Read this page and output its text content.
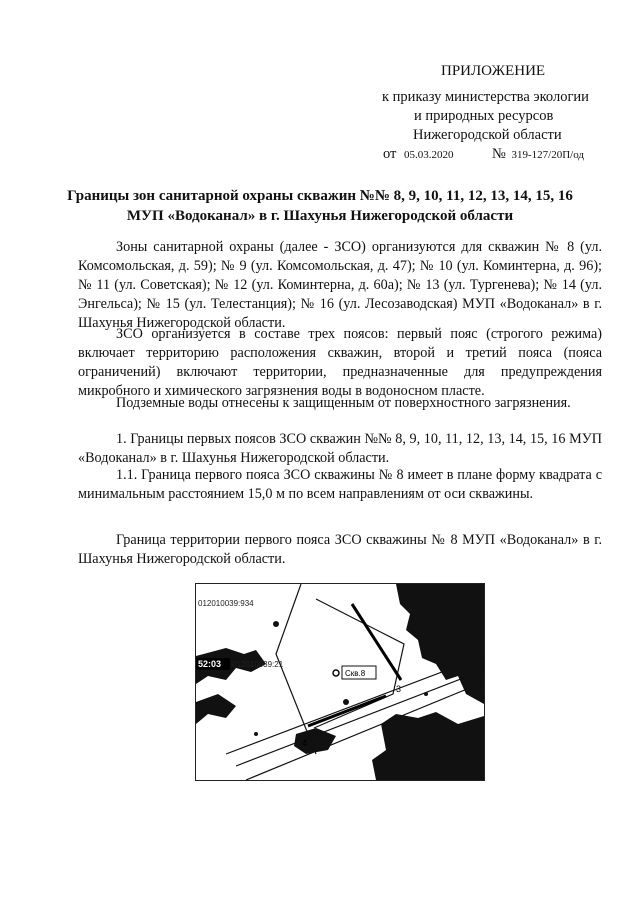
ПРИЛОЖЕНИЕ
к приказу министерства экологии
и природных ресурсов
Нижегородской области
от 05.03.2020	№ 319-127/20П/од
Границы зон санитарной охраны скважин №№ 8, 9, 10, 11, 12, 13, 14, 15, 16
МУП «Водоканал» в г. Шахунья Нижегородской области
Зоны санитарной охраны (далее - ЗСО) организуются для скважин № 8 (ул. Комсомольская, д. 59); № 9 (ул. Комсомольская, д. 47); № 10 (ул. Коминтерна, д. 96); № 11 (ул. Советская); № 12 (ул. Коминтерна, д. 60а); № 13 (ул. Тургенева); № 14 (ул. Энгельса); № 15 (ул. Телестанция); № 16 (ул. Лесозаводская) МУП «Водоканал» в г. Шахунья Нижегородской области.
ЗСО организуется в составе трех поясов: первый пояс (строгого режима) включает территорию расположения скважин, второй и третий пояса (пояса ограничений) включают территории, предназначенные для предупреждения микробного и химического загрязнения воды в водоносном пласте.
Подземные воды отнесены к защищенным от поверхностного загрязнения.
1. Границы первых поясов ЗСО скважин №№ 8, 9, 10, 11, 12, 13, 14, 15, 16 МУП «Водоканал» в г. Шахунья Нижегородской области.
1.1. Граница первого пояса ЗСО скважины № 8 имеет в плане форму квадрата с минимальным расстоянием 15,0 м по всем направлениям от оси скважины.
Граница территории первого пояса ЗСО скважины № 8 МУП «Водоканал» в г. Шахунья Нижегородской области.
012010039:934
52:03 012010039:21
Скв.8
3
4
